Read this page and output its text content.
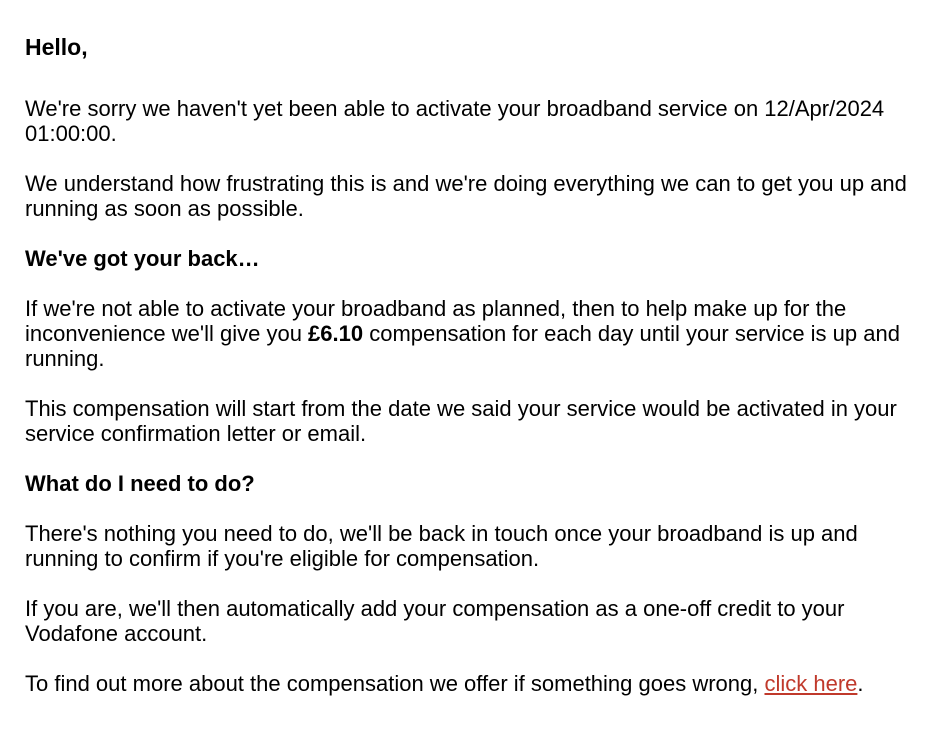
Hello,

We're sorry we haven't yet been able to activate your broadband service on 12/Apr/2024 01:00:00.

We understand how frustrating this is and we're doing everything we can to get you up and running as soon as possible.

We've got your back…

If we're not able to activate your broadband as planned, then to help make up for the inconvenience we'll give you £6.10 compensation for each day until your service is up and running.

This compensation will start from the date we said your service would be activated in your service confirmation letter or email.

What do I need to do?

There's nothing you need to do, we'll be back in touch once your broadband is up and running to confirm if you're eligible for compensation.

If you are, we'll then automatically add your compensation as a one-off credit to your Vodafone account.

To find out more about the compensation we offer if something goes wrong, click here.
